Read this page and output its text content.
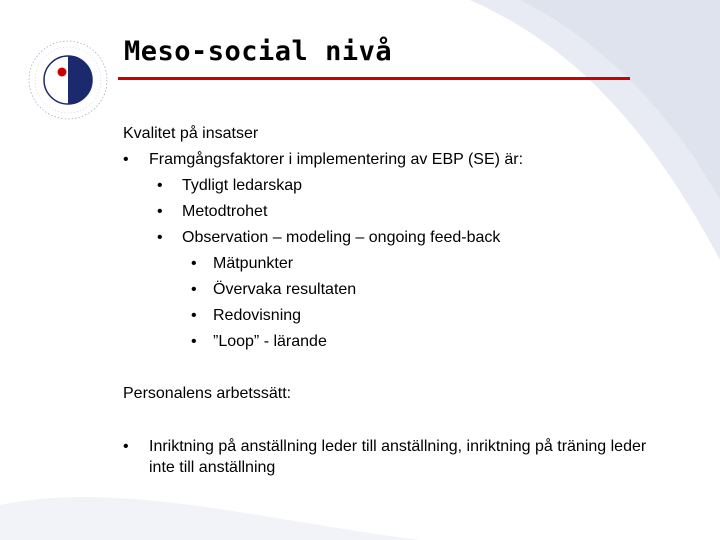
Meso-social nivå
Kvalitet på insatser
• Framgångsfaktorer i implementering av EBP (SE) är:
• Tydligt ledarskap
• Metodtrohet
• Observation – modeling – ongoing feed-back
• Mätpunkter
• Övervaka resultaten
• Redovisning
• ”Loop” - lärande
Personalens arbetssätt:
•	Inriktning på anställning leder till anställning, inriktning på träning leder inte till anställning
